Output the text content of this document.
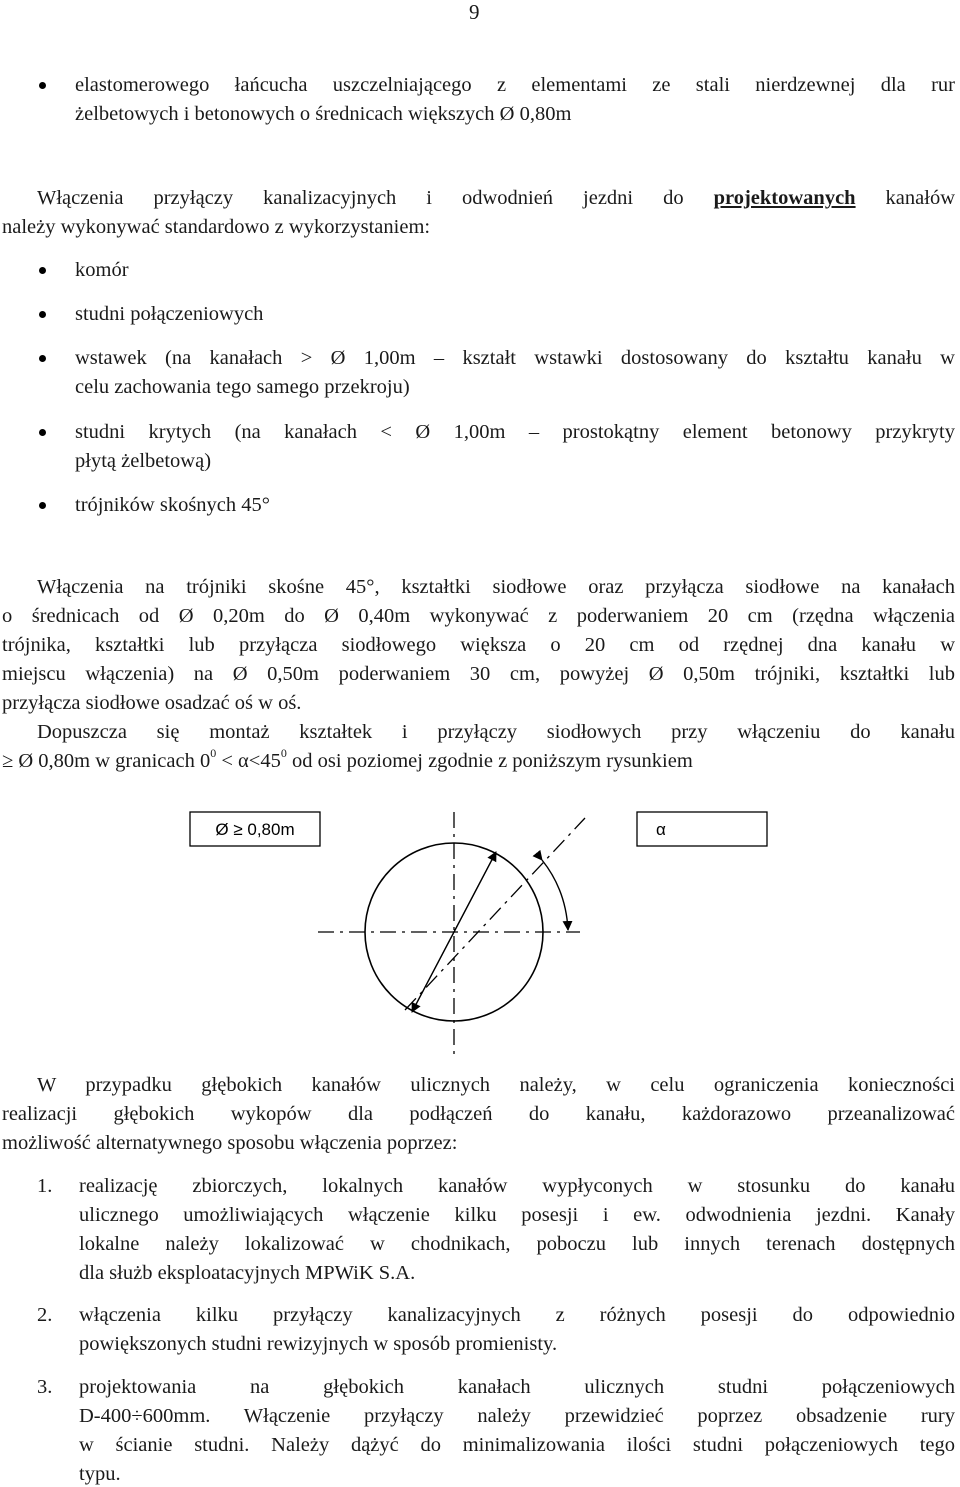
9
elastomerowego łańcucha uszczelniającego z elementami ze stali nierdzewnej dla rur
żelbetowych i betonowych o średnicach większych Ø 0,80m
Włączenia przyłączy kanalizacyjnych i odwodnień jezdni do projektowanych kanałów
należy wykonywać standardowo z wykorzystaniem:
komór
studni połączeniowych
wstawek (na kanałach > Ø 1,00m – kształt wstawki dostosowany do kształtu kanału w
celu zachowania tego samego przekroju)
studni krytych (na kanałach < Ø 1,00m – prostokątny element betonowy przykryty
płytą żelbetową)
trójników skośnych 45°
Włączenia na trójniki skośne 45°, kształtki siodłowe oraz przyłącza siodłowe na kanałach
o średnicach od Ø 0,20m do Ø 0,40m wykonywać z poderwaniem 20 cm (rzędna włączenia
trójnika, kształtki lub przyłącza siodłowego większa o 20 cm od rzędnej dna kanału w
miejscu włączenia) na Ø 0,50m poderwaniem 30 cm, powyżej Ø 0,50m trójniki, kształtki lub
przyłącza siodłowe osadzać oś w oś.
Dopuszcza się montaż kształtek i przyłączy siodłowych przy włączeniu do kanału
≥ Ø 0,80m w granicach $0^0 < \alpha<45^0$ od osi poziomej zgodnie z poniższym rysunkiem
Ø ≥ 0,80m	α
W przypadku głębokich kanałów ulicznych należy, w celu ograniczenia konieczności
realizacji głębokich wykopów dla podłączeń do kanału, każdorazowo przeanalizować
możliwość alternatywnego sposobu włączenia poprzez:
1. realizację zbiorczych, lokalnych kanałów wypłyconych w stosunku do kanału
ulicznego umożliwiających włączenie kilku posesji i ew. odwodnienia jezdni. Kanały
lokalne należy lokalizować w chodnikach, poboczu lub innych terenach dostępnych
dla służb eksploatacyjnych MPWiK S.A.
2. włączenia kilku przyłączy kanalizacyjnych z różnych posesji do odpowiednio
powiększonych studni rewizyjnych w sposób promienisty.
3. projektowania na głębokich kanałach ulicznych studni połączeniowych
D-400÷600mm. Włączenie przyłączy należy przewidzieć poprzez obsadzenie rury
w ścianie studni. Należy dążyć do minimalizowania ilości studni połączeniowych tego
typu.
